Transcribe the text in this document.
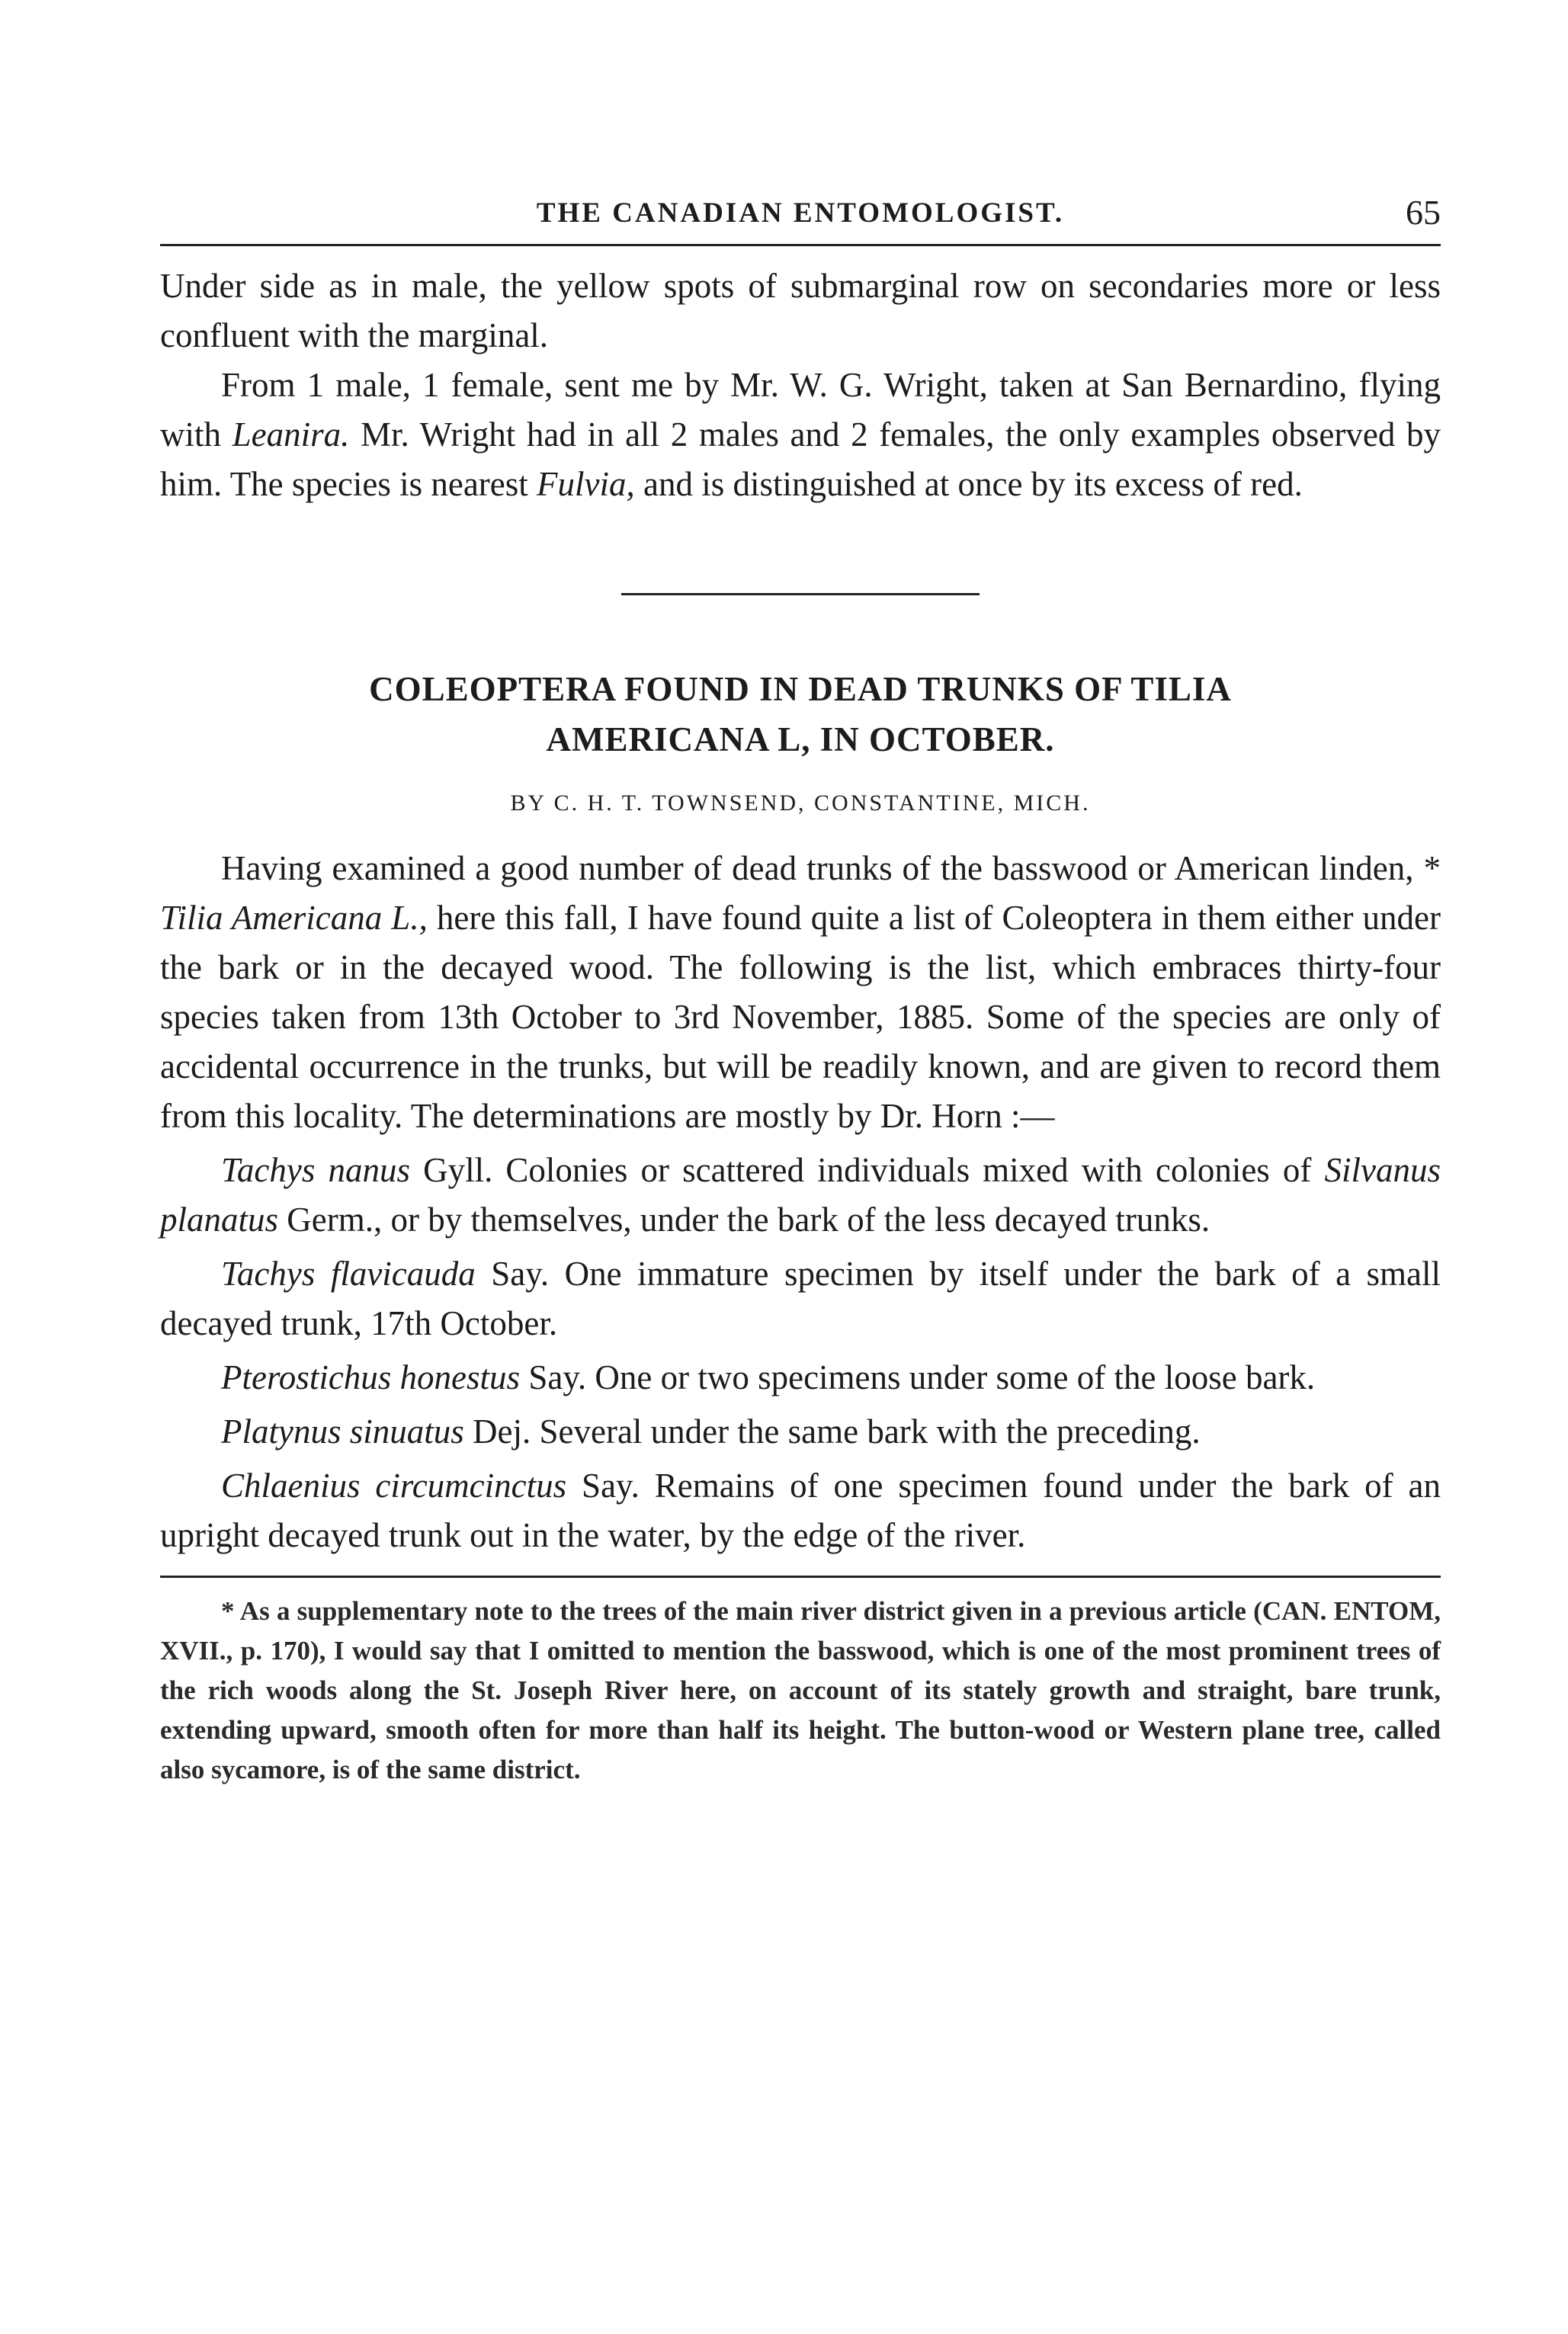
THE CANADIAN ENTOMOLOGIST.	65

Under side as in male, the yellow spots of submarginal row on secondaries more or less confluent with the marginal.

From 1 male, 1 female, sent me by Mr. W. G. Wright, taken at San Bernardino, flying with Leanira. Mr. Wright had in all 2 males and 2 females, the only examples observed by him. The species is nearest Fulvia, and is distinguished at once by its excess of red.

COLEOPTERA FOUND IN DEAD TRUNKS OF TILIA
AMERICANA L, IN OCTOBER.
BY C. H. T. TOWNSEND, CONSTANTINE, MICH.

Having examined a good number of dead trunks of the basswood or American linden, * Tilia Americana L., here this fall, I have found quite a list of Coleoptera in them either under the bark or in the decayed wood. The following is the list, which embraces thirty-four species taken from 13th October to 3rd November, 1885. Some of the species are only of accidental occurrence in the trunks, but will be readily known, and are given to record them from this locality. The determinations are mostly by Dr. Horn :—

Tachys nanus Gyll. Colonies or scattered individuals mixed with colonies of Silvanus planatus Germ., or by themselves, under the bark of the less decayed trunks.

Tachys flavicauda Say. One immature specimen by itself under the bark of a small decayed trunk, 17th October.

Pterostichus honestus Say. One or two specimens under some of the loose bark.

Platynus sinuatus Dej. Several under the same bark with the preceding.

Chlaenius circumcinctus Say. Remains of one specimen found under the bark of an upright decayed trunk out in the water, by the edge of the river.

* As a supplementary note to the trees of the main river district given in a previous article (CAN. ENTOM, XVII., p. 170), I would say that I omitted to mention the basswood, which is one of the most prominent trees of the rich woods along the St. Joseph River here, on account of its stately growth and straight, bare trunk, extending upward, smooth often for more than half its height. The button-wood or Western plane tree, called also sycamore, is of the same district.
